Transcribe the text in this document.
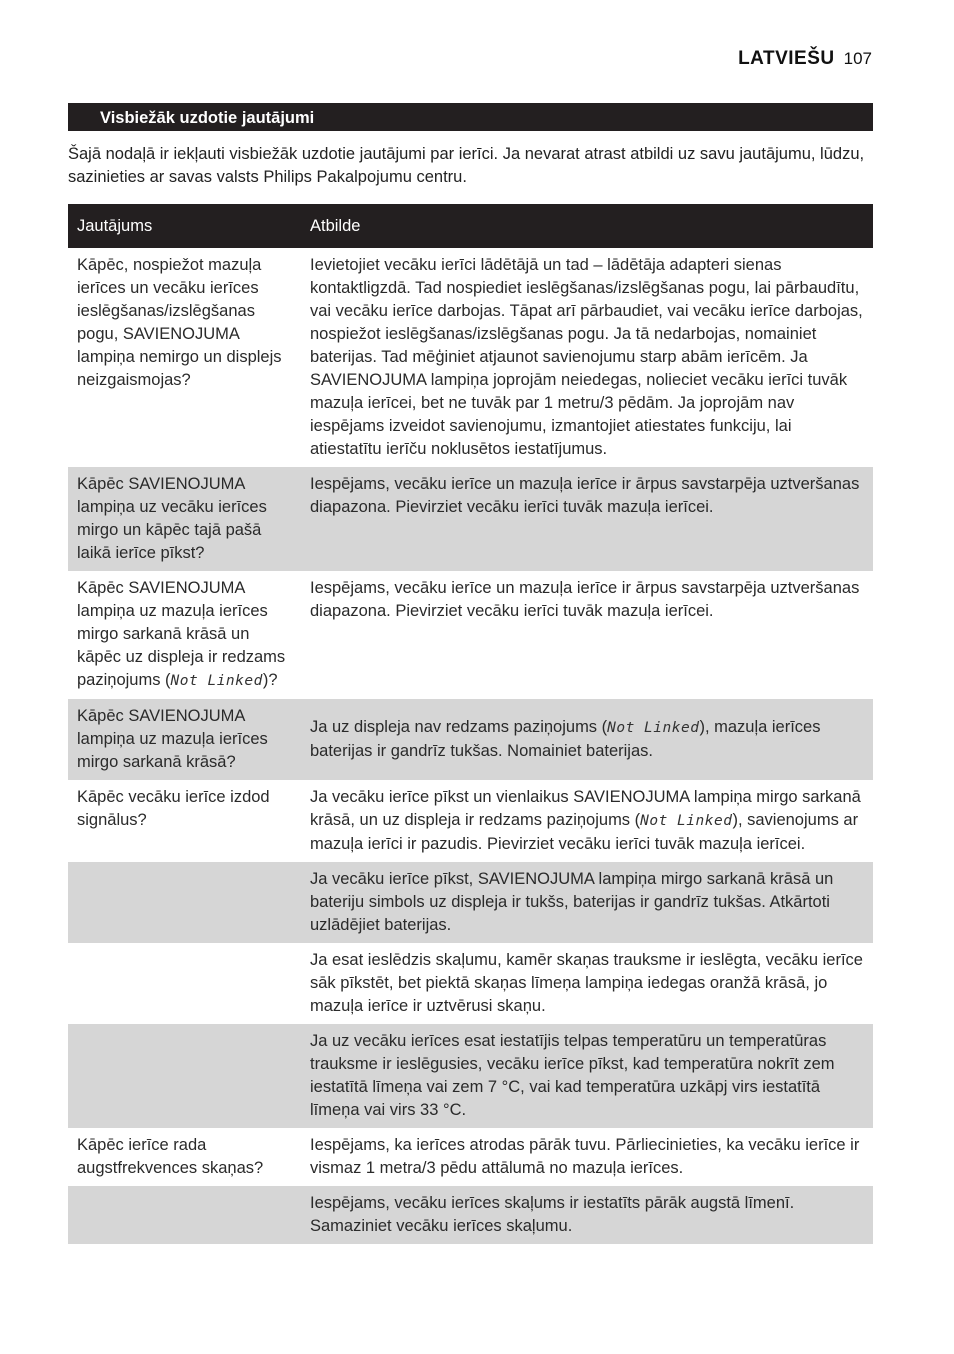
LATVIEŠU 107
Visbiežāk uzdotie jautājumi

Šajā nodaļā ir iekļauti visbiežāk uzdotie jautājumi par ierīci. Ja nevarat atrast atbildi uz savu jautājumu, lūdzu, sazinieties ar savas valsts Philips Pakalpojumu centru.

Jautājums	Atbilde
Kāpēc, nospiežot mazuļa ierīces un vecāku ierīces ieslēgšanas/izslēgšanas pogu, SAVIENOJUMA lampiņa nemirgo un displejs neizgaismojas?	Ievietojiet vecāku ierīci lādētājā un tad – lādētāja adapteri sienas kontaktligzdā. Tad nospiediet ieslēgšanas/izslēgšanas pogu, lai pārbaudītu, vai vecāku ierīce darbojas. Tāpat arī pārbaudiet, vai vecāku ierīce darbojas, nospiežot ieslēgšanas/izslēgšanas pogu. Ja tā nedarbojas, nomainiet baterijas. Tad mēģiniet atjaunot savienojumu starp abām ierīcēm. Ja SAVIENOJUMA lampiņa joprojām neiedegas, nolieciet vecāku ierīci tuvāk mazuļa ierīcei, bet ne tuvāk par 1 metru/3 pēdām. Ja joprojām nav iespējams izveidot savienojumu, izmantojiet atiestates funkciju, lai atiestatītu ierīču noklusētos iestatījumus.
Kāpēc SAVIENOJUMA lampiņa uz vecāku ierīces mirgo un kāpēc tajā pašā laikā ierīce pīkst?	Iespējams, vecāku ierīce un mazuļa ierīce ir ārpus savstarpēja uztveršanas diapazona. Pievirziet vecāku ierīci tuvāk mazuļa ierīcei.
Kāpēc SAVIENOJUMA lampiņa uz mazuļa ierīces mirgo sarkanā krāsā un kāpēc uz displeja ir redzams paziņojums (Not Linked)?	Iespējams, vecāku ierīce un mazuļa ierīce ir ārpus savstarpēja uztveršanas diapazona. Pievirziet vecāku ierīci tuvāk mazuļa ierīcei.
Kāpēc SAVIENOJUMA lampiņa uz mazuļa ierīces mirgo sarkanā krāsā?	Ja uz displeja nav redzams paziņojums (Not Linked), mazuļa ierīces baterijas ir gandrīz tukšas. Nomainiet baterijas.
Kāpēc vecāku ierīce izdod signālus?	Ja vecāku ierīce pīkst un vienlaikus SAVIENOJUMA lampiņa mirgo sarkanā krāsā, un uz displeja ir redzams paziņojums (Not Linked), savienojums ar mazuļa ierīci ir pazudis. Pievirziet vecāku ierīci tuvāk mazuļa ierīcei.
	Ja vecāku ierīce pīkst, SAVIENOJUMA lampiņa mirgo sarkanā krāsā un bateriju simbols uz displeja ir tukšs, baterijas ir gandrīz tukšas. Atkārtoti uzlādējiet baterijas.
	Ja esat ieslēdzis skaļumu, kamēr skaņas trauksme ir ieslēgta, vecāku ierīce sāk pīkstēt, bet piektā skaņas līmeņa lampiņa iedegas oranžā krāsā, jo mazuļa ierīce ir uztvērusi skaņu.
	Ja uz vecāku ierīces esat iestatījis telpas temperatūru un temperatūras trauksme ir ieslēgusies, vecāku ierīce pīkst, kad temperatūra nokrīt zem iestatītā līmeņa vai zem 7 °C, vai kad temperatūra uzkāpj virs iestatītā līmeņa vai virs 33 °C.
Kāpēc ierīce rada augstfrekvences skaņas?	Iespējams, ka ierīces atrodas pārāk tuvu. Pārliecinieties, ka vecāku ierīce ir vismaz 1 metra/3 pēdu attālumā no mazuļa ierīces.
	Iespējams, vecāku ierīces skaļums ir iestatīts pārāk augstā līmenī. Samaziniet vecāku ierīces skaļumu.
